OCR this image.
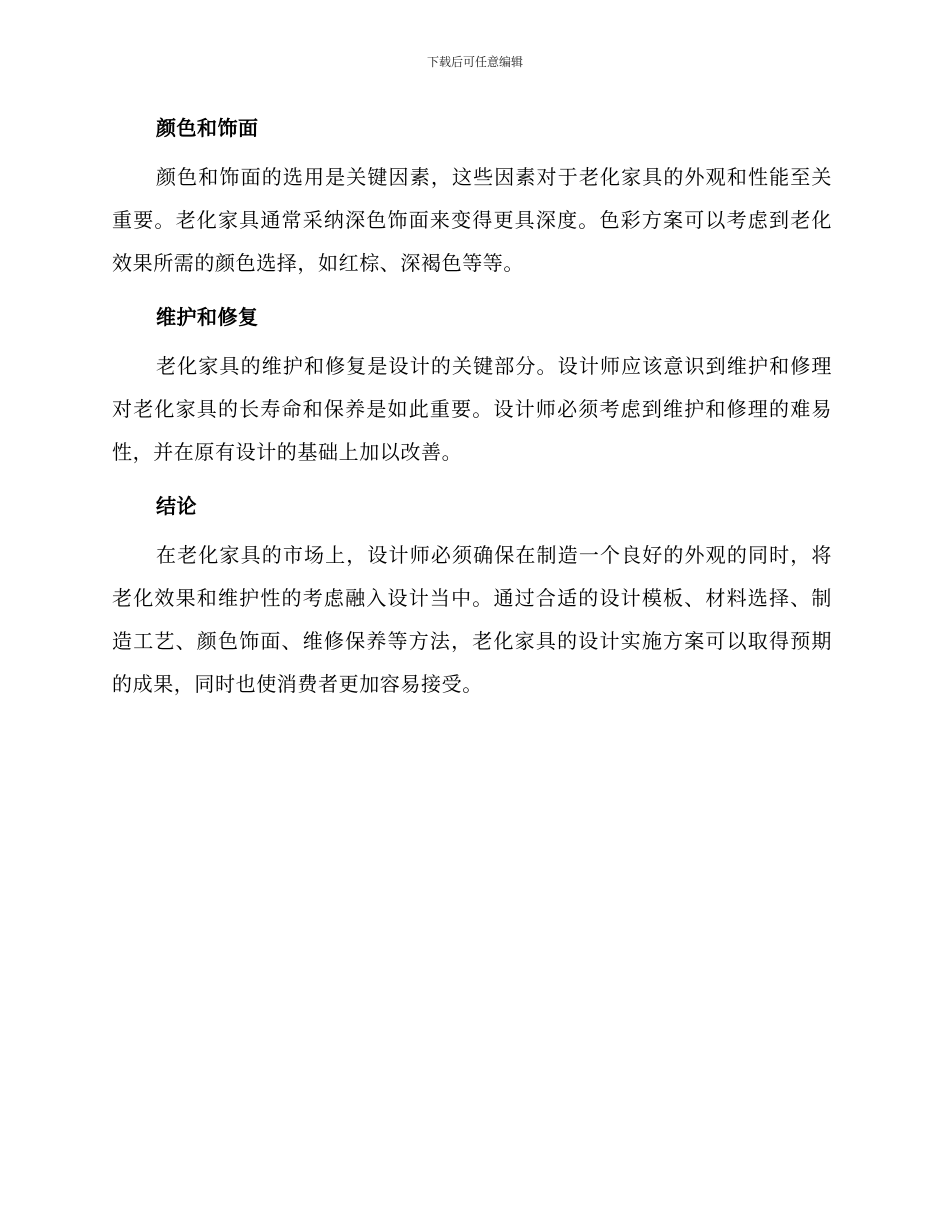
下载后可任意编辑
颜色和饰面

颜色和饰面的选用是关键因素，这些因素对于老化家具的外观和性能至关重要。老化家具通常采纳深色饰面来变得更具深度。色彩方案可以考虑到老化效果所需的颜色选择，如红棕、深褐色等等。

维护和修复

老化家具的维护和修复是设计的关键部分。设计师应该意识到维护和修理对老化家具的长寿命和保养是如此重要。设计师必须考虑到维护和修理的难易性，并在原有设计的基础上加以改善。

结论

在老化家具的市场上，设计师必须确保在制造一个良好的外观的同时，将老化效果和维护性的考虑融入设计当中。通过合适的设计模板、材料选择、制造工艺、颜色饰面、维修保养等方法，老化家具的设计实施方案可以取得预期的成果，同时也使消费者更加容易接受。
